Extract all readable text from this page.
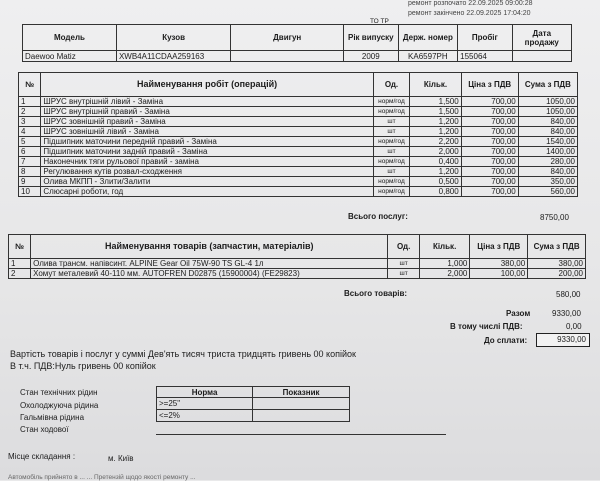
ремонт розпочато 22.09.2025 09:00:28
ремонт закінчено 22.09.2025 17:04:20
ТО ТР
Модель	Кузов	Двигун	Рік випуску	Держ. номер	Пробіг	Дата продажу
Daewoo Matiz	XWB4A11CDAA259163		2009	KA6597PH	155064	
№	Найменування робіт (операцій)	Од.	Кільк.	Ціна з ПДВ	Сума з ПДВ
1	ШРУС внутрішній лівий - Заміна	норм/год	1,500	700,00	1050,00
2	ШРУС внутрішній правий - Заміна	норм/год	1,500	700,00	1050,00
3	ШРУС зовнішній правий - Заміна	шт	1,200	700,00	840,00
4	ШРУС зовнішній лівий - Заміна	шт	1,200	700,00	840,00
5	Підшипник маточини передній правий - Заміна	норм/год	2,200	700,00	1540,00
6	Підшипник маточини задній правий - Заміна	шт	2,000	700,00	1400,00
7	Наконечник тяги рульової правий - заміна	норм/год	0,400	700,00	280,00
8	Регулювання кутів розвал-сходження	шт	1,200	700,00	840,00
9	Олива МКПП - Злити/Залити	норм/год	0,500	700,00	350,00
10	Слюсарні роботи, год	норм/год	0,800	700,00	560,00
Всього послуг:	8750,00
№	Найменування товарів (запчастин, матеріалів)	Од.	Кільк.	Ціна з ПДВ	Сума з ПДВ
1	Олива трансм. напівсинт. ALPINE Gear Oil 75W-90 TS GL-4 1л	шт	1,000	380,00	380,00
2	Хомут металевий 40-110 мм. AUTOFREN D02875 (15900004) (FE29823)	шт	2,000	100,00	200,00
Всього товарів:	580,00
Разом	9330,00
В тому числі ПДВ:	0,00
До сплати:	9330,00
Вартість товарів і послуг у суммі Дев'ять тисяч триста тридцять гривень 00 копійок
В т.ч. ПДВ:Нуль гривень 00 копійок
Стан технічних рідин
Охолоджуюча рідина
Гальмівна рідина
Стан ходової
Норма	Показник
>=25"	
<=2%	
Місце складання :	м. Київ
Автомобіль прийнято в ... ... Претензій щодо якості ремонту ...
